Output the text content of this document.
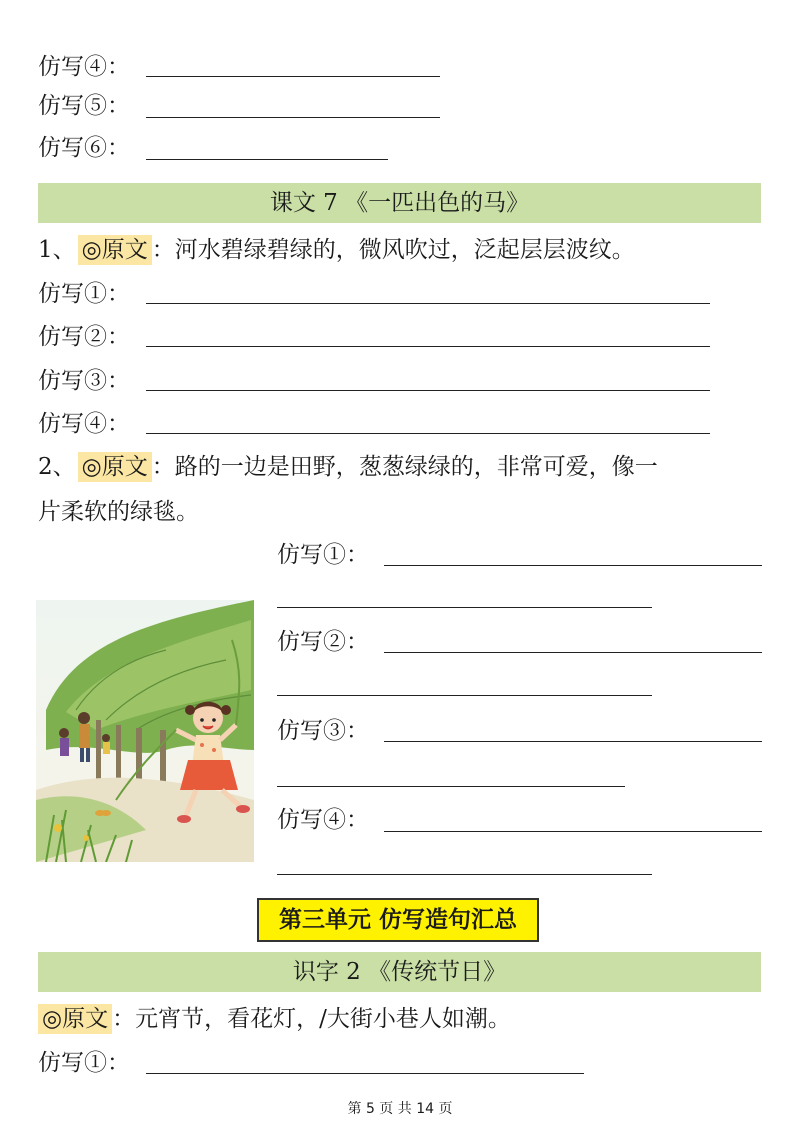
仿写④：
仿写⑤：
仿写⑥：
课文 7 《一匹出色的马》
1、 ◎原文 ：河水碧绿碧绿的，微风吹过，泛起层层波纹。
仿写①：
仿写②：
仿写③：
仿写④：
2、 ◎原文 ：路的一边是田野，葱葱绿绿的，非常可爱，像一
片柔软的绿毯。
仿写①：
仿写②：
仿写③：
仿写④：
第三单元 仿写造句汇总
识字 2 《传统节日》
◎原文 ：元宵节，看花灯，/大街小巷人如潮。
仿写①：
第 5 页 共 14 页
